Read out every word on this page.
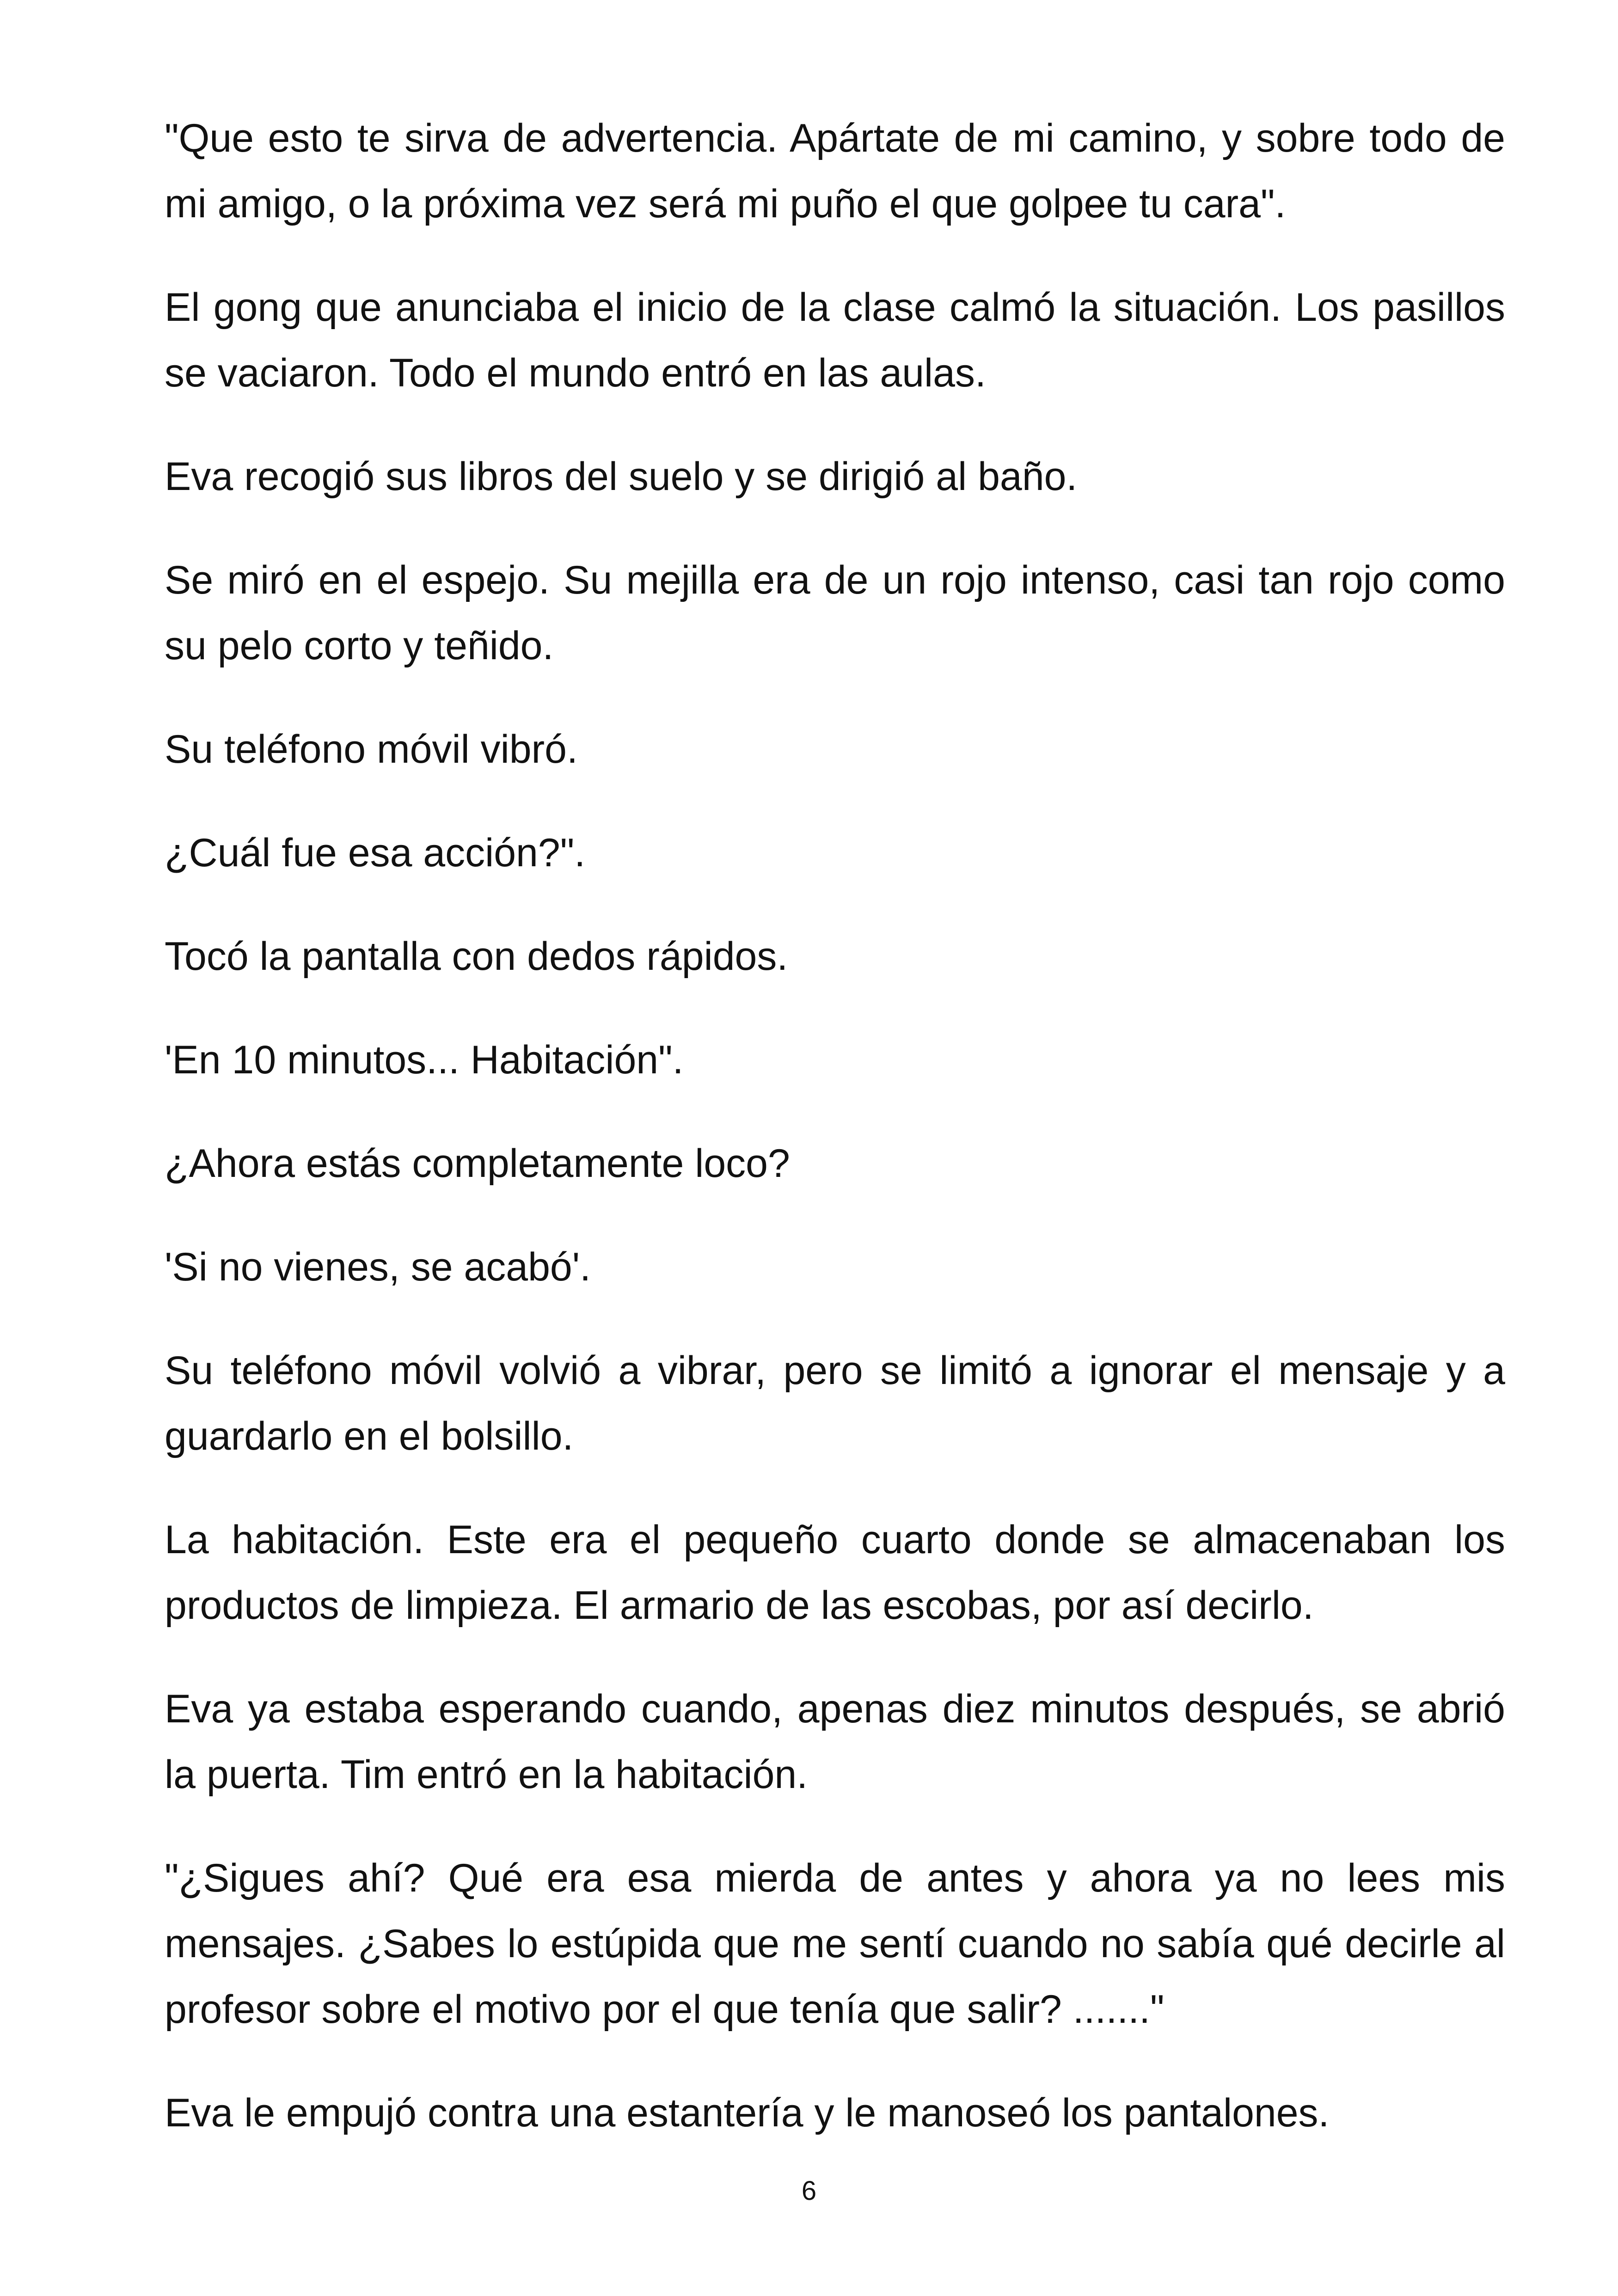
"Que esto te sirva de advertencia. Apártate de mi camino, y sobre todo de mi amigo, o la próxima vez será mi puño el que golpee tu cara".

El gong que anunciaba el inicio de la clase calmó la situación. Los pasillos se vaciaron. Todo el mundo entró en las aulas.

Eva recogió sus libros del suelo y se dirigió al baño.

Se miró en el espejo. Su mejilla era de un rojo intenso, casi tan rojo como su pelo corto y teñido.

Su teléfono móvil vibró.

¿Cuál fue esa acción?".

Tocó la pantalla con dedos rápidos.

'En 10 minutos... Habitación".

¿Ahora estás completamente loco?

'Si no vienes, se acabó'.

Su teléfono móvil volvió a vibrar, pero se limitó a ignorar el mensaje y a guardarlo en el bolsillo.

La habitación. Este era el pequeño cuarto donde se almacenaban los productos de limpieza. El armario de las escobas, por así decirlo.

Eva ya estaba esperando cuando, apenas diez minutos después, se abrió la puerta. Tim entró en la habitación.

"¿Sigues ahí? Qué era esa mierda de antes y ahora ya no lees mis mensajes. ¿Sabes lo estúpida que me sentí cuando no sabía qué decirle al profesor sobre el motivo por el que tenía que salir? ......."

Eva le empujó contra una estantería y le manoseó los pantalones.

6
